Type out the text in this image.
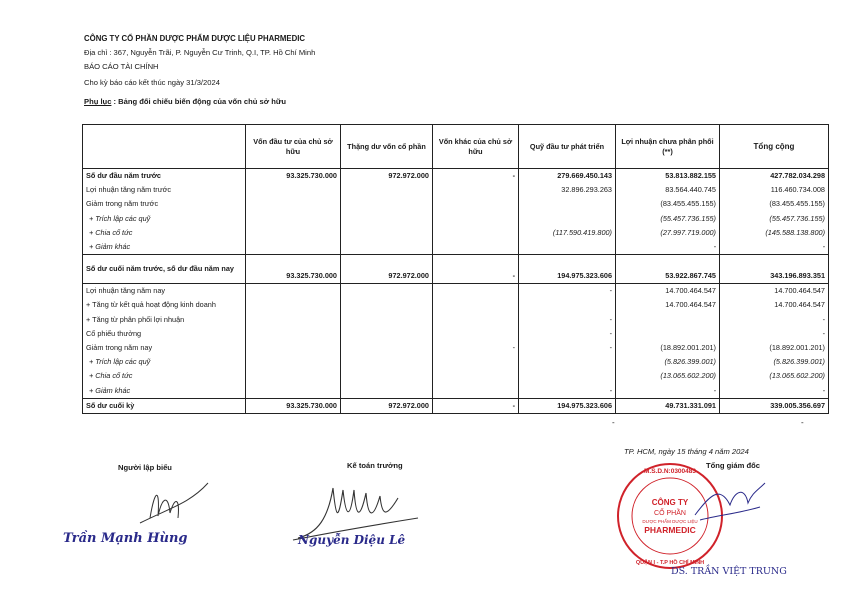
CÔNG TY CỔ PHẦN DƯỢC PHẨM DƯỢC LIỆU PHARMEDIC
Địa chỉ : 367, Nguyễn Trãi, P. Nguyễn Cư Trinh, Q.I, TP. Hồ Chí Minh
BÁO CÁO TÀI CHÍNH
Cho kỳ báo cáo kết thúc ngày 31/3/2024
Phụ lục : Bảng đối chiếu biến động của vốn chủ sở hữu
	Vốn đầu tư của chủ sở hữu	Thặng dư vốn cổ phần	Vốn khác của chủ sở hữu	Quỹ đầu tư phát triển	Lợi nhuận chưa phân phối (**)	Tổng cộng
Số dư đầu năm trước	93.325.730.000	972.972.000	-	279.669.450.143	53.813.882.155	427.782.034.298
Lợi nhuận tăng năm trước				32.896.293.263	83.564.440.745	116.460.734.008
Giảm trong năm trước					(83.455.455.155)	(83.455.455.155)
+ Trích lập các quỹ					(55.457.736.155)	(55.457.736.155)
+ Chia cổ tức				(117.590.419.800)	(27.997.719.000)	(145.588.138.800)
+ Giảm khác					-	-
Số dư cuối năm trước, số dư đầu năm nay	93.325.730.000	972.972.000	-	194.975.323.606	53.922.867.745	343.196.893.351
Lợi nhuận tăng năm nay				-	14.700.464.547	14.700.464.547
+ Tăng từ kết quả hoạt động kinh doanh					14.700.464.547	14.700.464.547
+ Tăng từ phân phối lợi nhuận				-		-
Cổ phiếu thưởng				-		-
Giảm trong năm nay			-	-	(18.892.001.201)	(18.892.001.201)
+ Trích lập các quỹ					(5.826.399.001)	(5.826.399.001)
+ Chia cổ tức					(13.065.602.200)	(13.065.602.200)
+ Giảm khác				-	-	-
Số dư cuối kỳ	93.325.730.000	972.972.000	-	194.975.323.606	49.731.331.091	339.005.356.697
-	-
TP. HCM, ngày 15 tháng 4 năm 2024
Người lập biểu	Kế toán trưởng	Tổng giám đốc
Trần Mạnh Hùng	Nguyễn Diệu Lê
CÔNG TY
CỔ PHẦN
DƯỢC PHẨM DƯỢC LIỆU
PHARMEDIC
M.S.D.N:0300483
QUẬN I - T.P HỒ CHÍ MINH
DS. TRẦN VIỆT TRUNG
